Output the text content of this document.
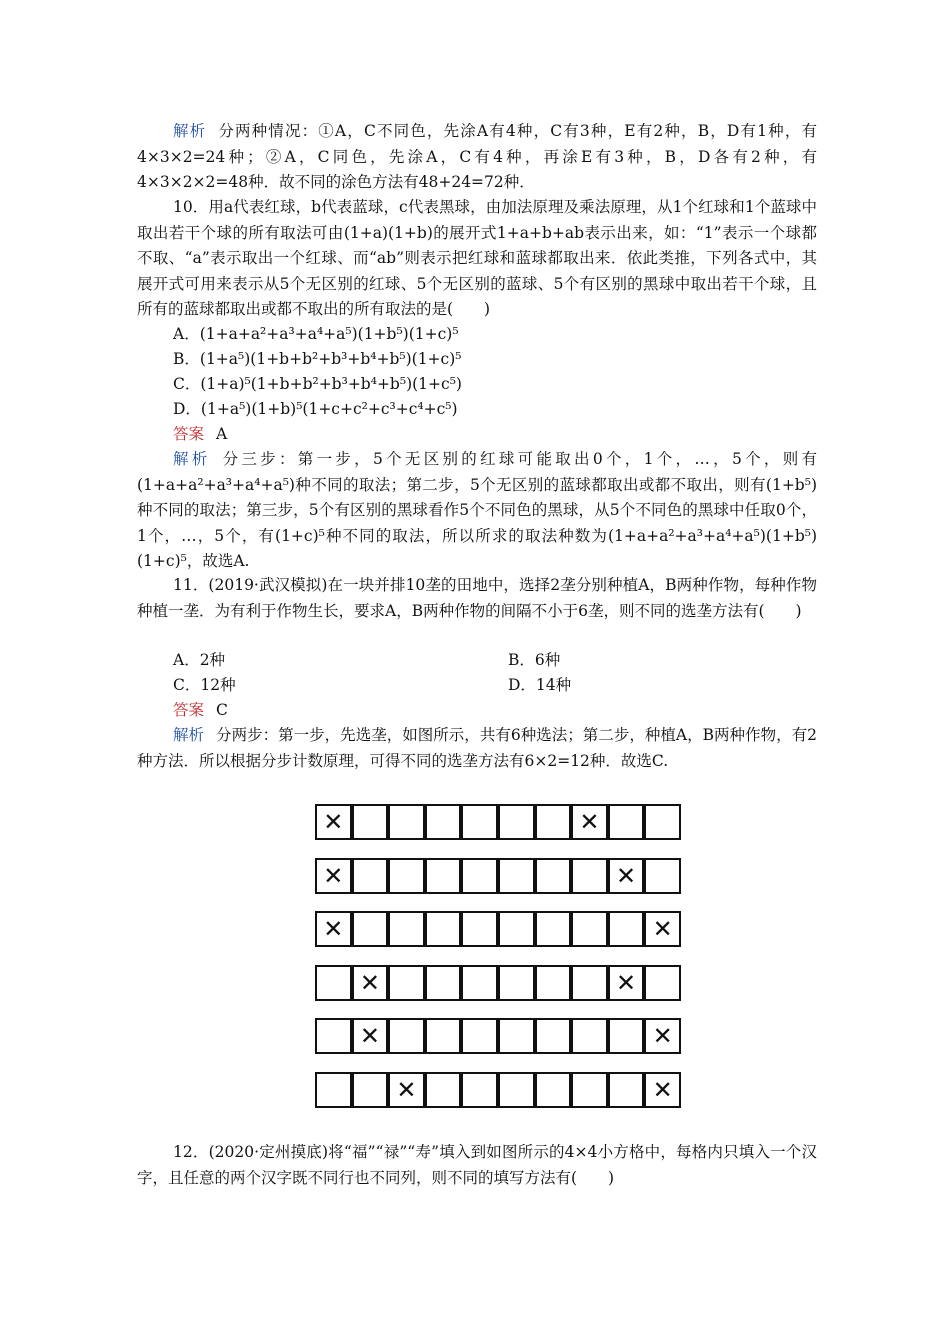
解析 分两种情况：①A，C不同色，先涂A有4种，C有3种，E有2种，B，D有1种，有4×3×2=24种；②A，C同色，先涂A，C有4种，再涂E有3种，B，D各有2种，有4×3×2×2=48种．故不同的涂色方法有48+24=72种．

10．用a代表红球，b代表蓝球，c代表黑球，由加法原理及乘法原理，从1个红球和1个蓝球中取出若干个球的所有取法可由(1+a)(1+b)的展开式1+a+b+ab表示出来，如：“1”表示一个球都不取、“a”表示取出一个红球、而“ab”则表示把红球和蓝球都取出来．依此类推，下列各式中，其展开式可用来表示从5个无区别的红球、5个无区别的蓝球、5个有区别的黑球中取出若干个球，且所有的蓝球都取出或都不取出的所有取法的是(　　)

A．(1+a+a²+a³+a⁴+a⁵)(1+b⁵)(1+c)⁵
B．(1+a⁵)(1+b+b²+b³+b⁴+b⁵)(1+c)⁵
C．(1+a)⁵(1+b+b²+b³+b⁴+b⁵)(1+c⁵)
D．(1+a⁵)(1+b)⁵(1+c+c²+c³+c⁴+c⁵)

答案 A

解析 分三步：第一步，5个无区别的红球可能取出0个，1个，…，5个，则有(1+a+a²+a³+a⁴+a⁵)种不同的取法；第二步，5个无区别的蓝球都取出或都不取出，则有(1+b⁵)种不同的取法；第三步，5个有区别的黑球看作5个不同色的黑球，从5个不同色的黑球中任取0个，1个，…，5个，有(1+c)⁵种不同的取法，所以所求的取法种数为(1+a+a²+a³+a⁴+a⁵)(1+b⁵)(1+c)⁵，故选A.

11．(2019·武汉模拟)在一块并排10垄的田地中，选择2垄分别种植A，B两种作物，每种作物种植一垄．为有利于作物生长，要求A，B两种作物的间隔不小于6垄，则不同的选垄方法有(　　)

A．2种	B．6种
C．12种	D．14种

答案 C

解析 分两步：第一步，先选垄，如图所示，共有6种选法；第二步，种植A，B两种作物，有2种方法．所以根据分步计数原理，可得不同的选垄方法有6×2=12种．故选C.

✕	✕
✕	✕
✕	✕
✕	✕
✕	✕
✕	✕

12．(2020·定州摸底)将“福”“禄”“寿”填入到如图所示的4×4小方格中，每格内只填入一个汉字，且任意的两个汉字既不同行也不同列，则不同的填写方法有(　　)
